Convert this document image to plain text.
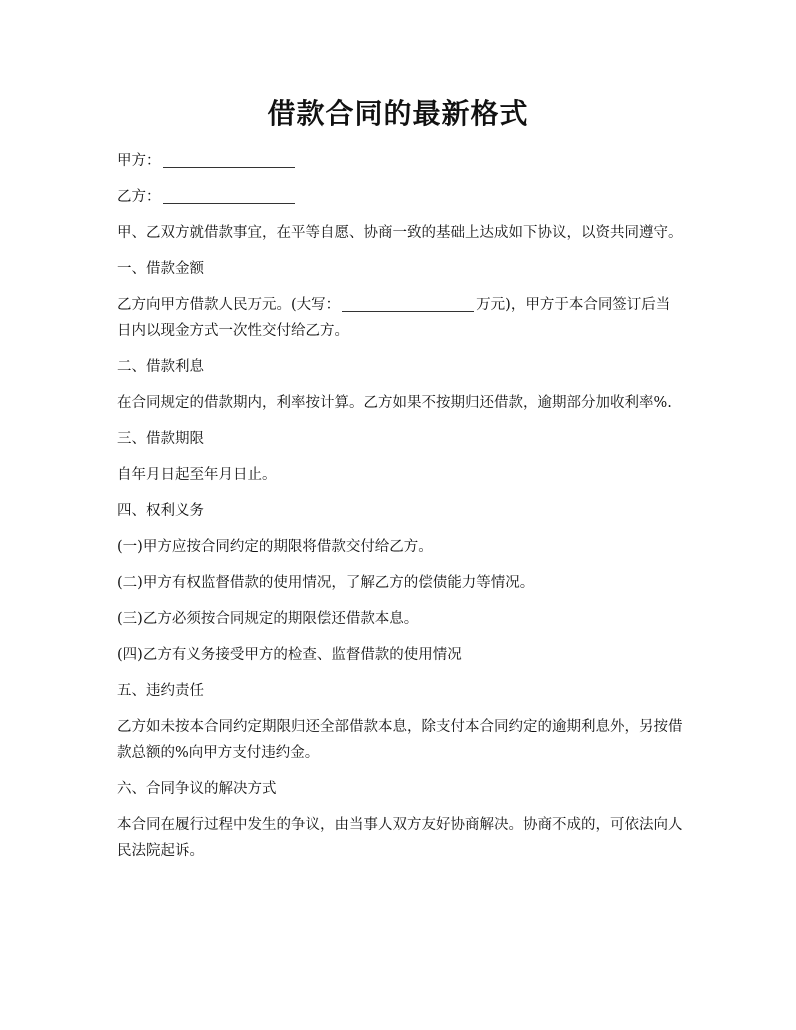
借款合同的最新格式

甲方：

乙方：

甲、乙双方就借款事宜，在平等自愿、协商一致的基础上达成如下协议，以资共同遵守。

一、借款金额

乙方向甲方借款人民万元。(大写：	万元)，甲方于本合同签订后当日内以现金方式一次性交付给乙方。

二、借款利息

在合同规定的借款期内，利率按计算。乙方如果不按期归还借款，逾期部分加收利率%.

三、借款期限

自年月日起至年月日止。

四、权利义务

(一)甲方应按合同约定的期限将借款交付给乙方。

(二)甲方有权监督借款的使用情况，了解乙方的偿债能力等情况。

(三)乙方必须按合同规定的期限偿还借款本息。

(四)乙方有义务接受甲方的检查、监督借款的使用情况

五、违约责任

乙方如未按本合同约定期限归还全部借款本息，除支付本合同约定的逾期利息外，另按借款总额的%向甲方支付违约金。

六、合同争议的解决方式

本合同在履行过程中发生的争议，由当事人双方友好协商解决。协商不成的，可依法向人民法院起诉。
